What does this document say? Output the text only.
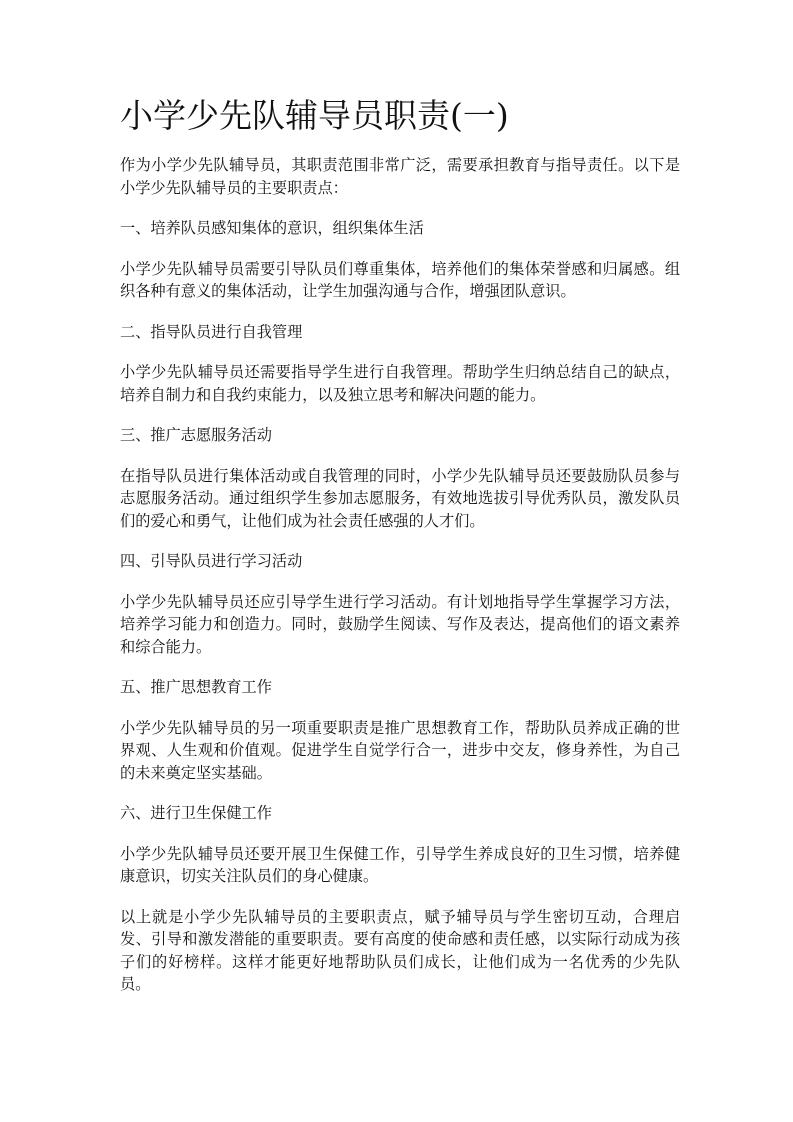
小学少先队辅导员职责(一)

作为小学少先队辅导员，其职责范围非常广泛，需要承担教育与指导责任。以下是小学少先队辅导员的主要职责点：

一、培养队员感知集体的意识，组织集体生活

小学少先队辅导员需要引导队员们尊重集体，培养他们的集体荣誉感和归属感。组织各种有意义的集体活动，让学生加强沟通与合作，增强团队意识。

二、指导队员进行自我管理

小学少先队辅导员还需要指导学生进行自我管理。帮助学生归纳总结自己的缺点，培养自制力和自我约束能力，以及独立思考和解决问题的能力。

三、推广志愿服务活动

在指导队员进行集体活动或自我管理的同时，小学少先队辅导员还要鼓励队员参与志愿服务活动。通过组织学生参加志愿服务，有效地选拔引导优秀队员，激发队员们的爱心和勇气，让他们成为社会责任感强的人才们。

四、引导队员进行学习活动

小学少先队辅导员还应引导学生进行学习活动。有计划地指导学生掌握学习方法，培养学习能力和创造力。同时，鼓励学生阅读、写作及表达，提高他们的语文素养和综合能力。

五、推广思想教育工作

小学少先队辅导员的另一项重要职责是推广思想教育工作，帮助队员养成正确的世界观、人生观和价值观。促进学生自觉学行合一，进步中交友，修身养性，为自己的未来奠定坚实基础。

六、进行卫生保健工作

小学少先队辅导员还要开展卫生保健工作，引导学生养成良好的卫生习惯，培养健康意识，切实关注队员们的身心健康。

以上就是小学少先队辅导员的主要职责点，赋予辅导员与学生密切互动，合理启发、引导和激发潜能的重要职责。要有高度的使命感和责任感，以实际行动成为孩子们的好榜样。这样才能更好地帮助队员们成长，让他们成为一名优秀的少先队员。
